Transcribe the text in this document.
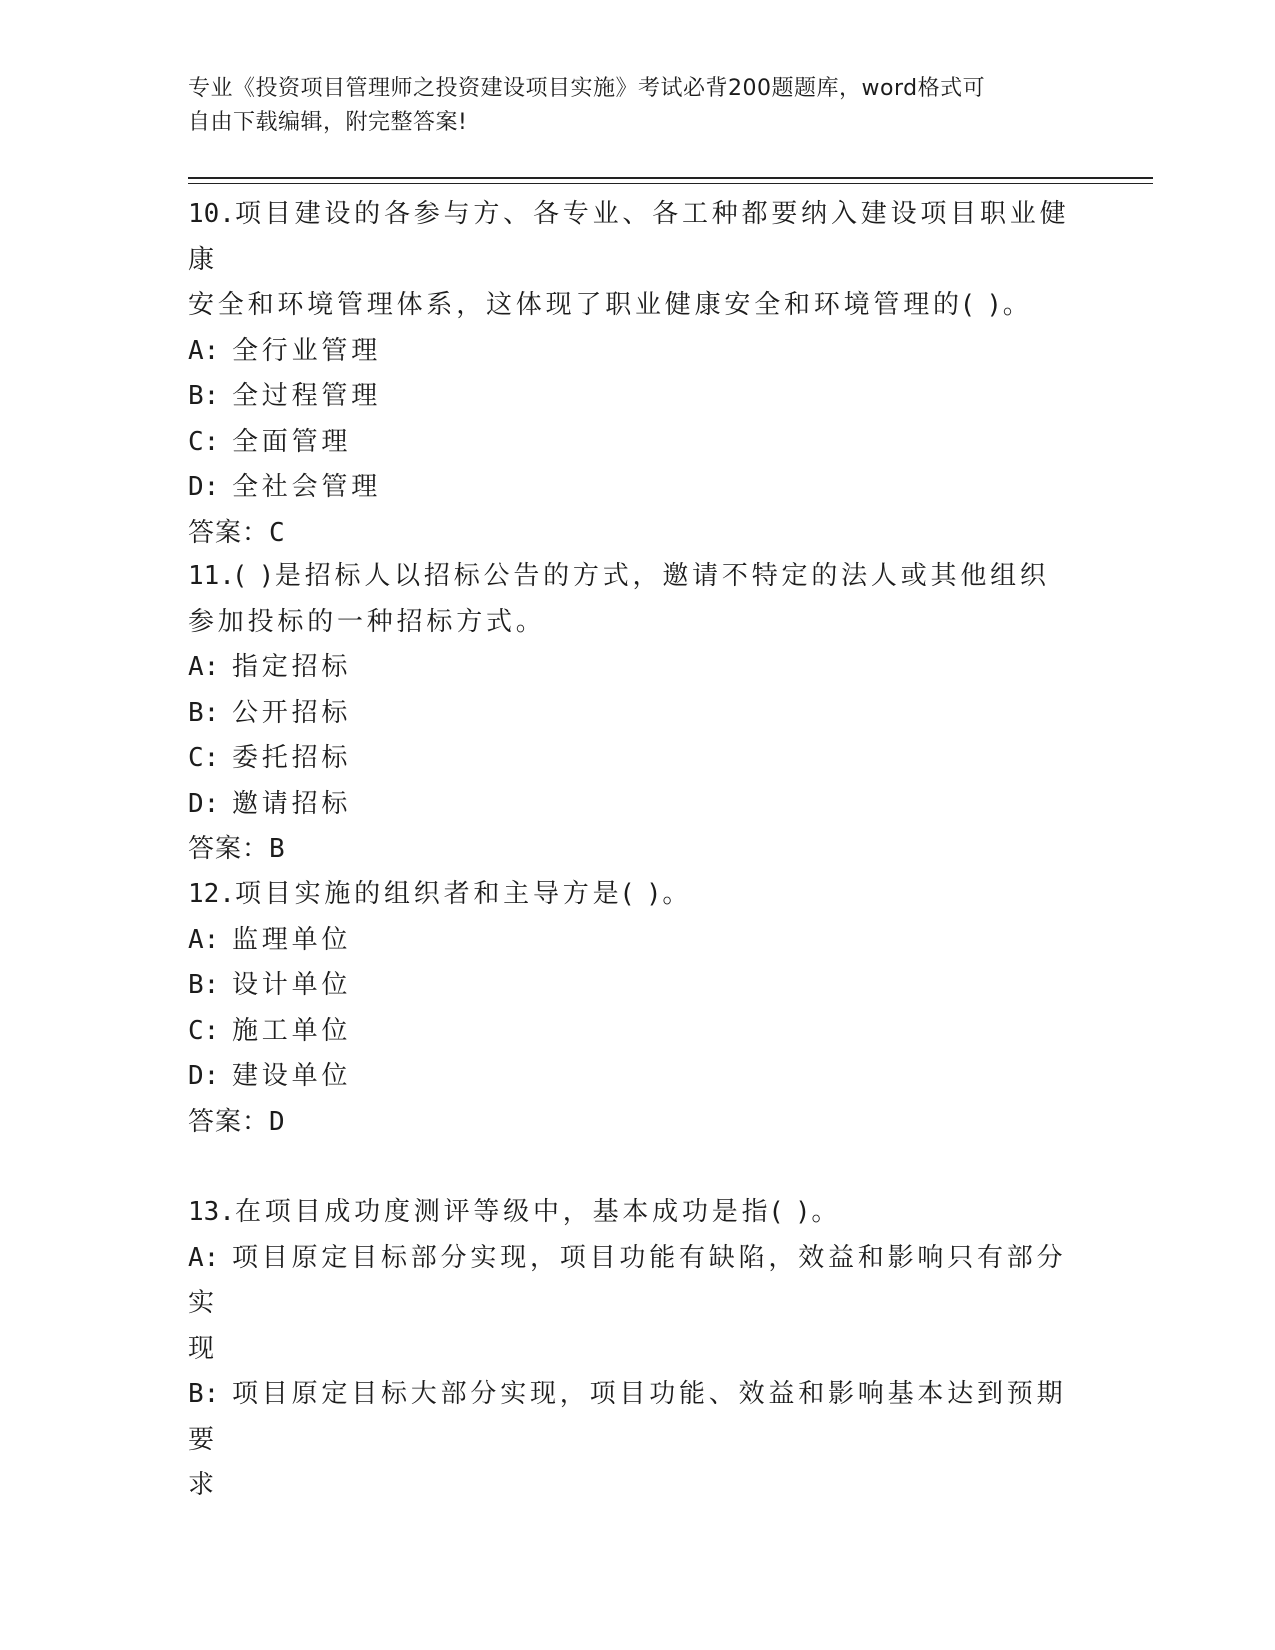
专业《投资项目管理师之投资建设项目实施》考试必背200题题库，word格式可
自由下载编辑，附完整答案!

10.项目建设的各参与方、各专业、各工种都要纳入建设项目职业健康

安全和环境管理体系，这体现了职业健康安全和环境管理的( )。

A: 全行业管理

B: 全过程管理

C: 全面管理

D: 全社会管理

答案：C

11.( )是招标人以招标公告的方式，邀请不特定的法人或其他组织

参加投标的一种招标方式。

A: 指定招标

B: 公开招标

C: 委托招标

D: 邀请招标

答案：B

12.项目实施的组织者和主导方是( )。

A: 监理单位

B: 设计单位

C: 施工单位

D: 建设单位

答案：D

13.在项目成功度测评等级中，基本成功是指( )。

A: 项目原定目标部分实现，项目功能有缺陷，效益和影响只有部分实

现

B: 项目原定目标大部分实现，项目功能、效益和影响基本达到预期要

求
